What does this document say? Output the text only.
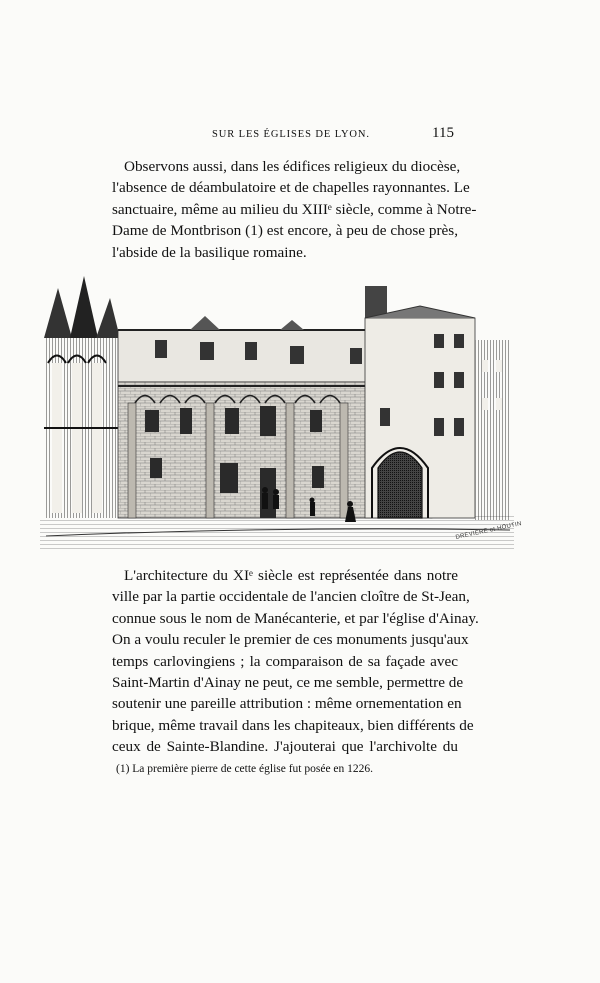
SUR LES ÉGLISES DE LYON.	115

Observons aussi, dans les édifices religieux du diocèse,
l'absence de déambulatoire et de chapelles rayonnantes. Le
sanctuaire, même au milieu du XIIIᵉ siècle, comme à Notre-
Dame de Montbrison (1) est encore, à peu de chose près,
l'abside de la basilique romaine.

DREVIÈRE et HOUTIN

L'architecture du XIᵉ siècle est représentée dans notre
ville par la partie occidentale de l'ancien cloître de St-Jean,
connue sous le nom de Manécanterie, et par l'église d'Ainay.
On a voulu reculer le premier de ces monuments jusqu'aux
temps carlovingiens ; la comparaison de sa façade avec
Saint-Martin d'Ainay ne peut, ce me semble, permettre de
soutenir une pareille attribution : même ornementation en
brique, même travail dans les chapiteaux, bien différents de
ceux de Sainte-Blandine. J'ajouterai que l'archivolte du

(1) La première pierre de cette église fut posée en 1226.
